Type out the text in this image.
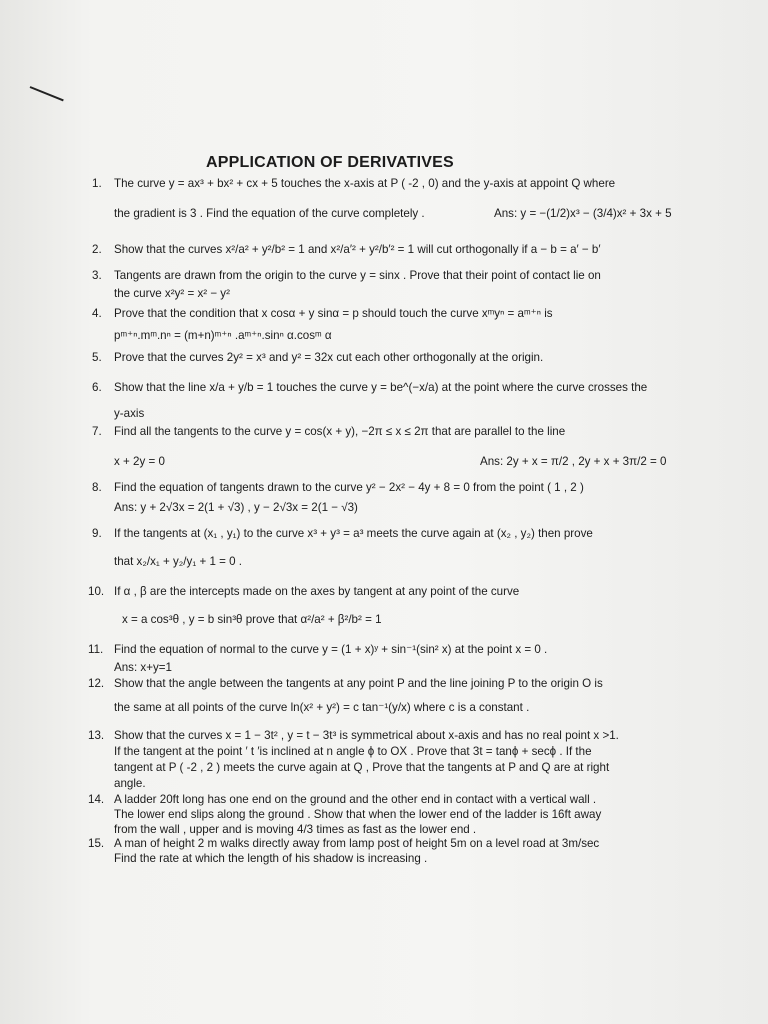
APPLICATION OF DERIVATIVES
1.	The curve y = ax³ + bx² + cx + 5 touches the x-axis at P ( -2 , 0) and the y-axis at appoint Q where
the gradient is 3 . Find the equation of the curve completely .	Ans: y = −(1/2)x³ − (3/4)x² + 3x + 5
2.	Show that the curves x²/a² + y²/b² = 1 and x²/a′² + y²/b′² = 1 will cut orthogonally if a − b = a′ − b′
3.	Tangents are drawn from the origin to the curve y = sinx . Prove that their point of contact lie on
the curve x²y² = x² − y²
4.	Prove that the condition that x cosα + y sinα = p should touch the curve xᵐyⁿ = aᵐ⁺ⁿ is
pᵐ⁺ⁿ.mᵐ.nⁿ = (m+n)ᵐ⁺ⁿ .aᵐ⁺ⁿ.sinⁿ α.cosᵐ α
5.	Prove that the curves 2y² = x³ and y² = 32x cut each other orthogonally at the origin.
6.	Show that the line x/a + y/b = 1 touches the curve y = be^(−x/a) at the point where the curve crosses the
y-axis
7.	Find all the tangents to the curve y = cos(x + y), −2π ≤ x ≤ 2π that are parallel to the line
x + 2y = 0	Ans: 2y + x = π/2 , 2y + x + 3π/2 = 0
8.	Find the equation of tangents drawn to the curve y² − 2x² − 4y + 8 = 0 from the point ( 1 , 2 )
Ans: y + 2√3x = 2(1 + √3) , y − 2√3x = 2(1 − √3)
9.	If the tangents at (x₁ , y₁) to the curve x³ + y³ = a³ meets the curve again at (x₂ , y₂) then prove
that x₂/x₁ + y₂/y₁ + 1 = 0 .
10. If α , β are the intercepts made on the axes by tangent at any point of the curve
x = a cos³θ , y = b sin³θ prove that α²/a² + β²/b² = 1
11. Find the equation of normal to the curve y = (1 + x)ʸ + sin⁻¹(sin² x) at the point x = 0 .
Ans: x+y=1
12. Show that the angle between the tangents at any point P and the line joining P to the origin O is
the same at all points of the curve ln(x² + y²) = c tan⁻¹(y/x) where c is a constant .
13. Show that the curves x = 1 − 3t² , y = t − 3t³ is symmetrical about x-axis and has no real point x >1.
If the tangent at the point ′ t ′is inclined at n angle ϕ to OX . Prove that 3t = tanϕ + secϕ . If the
tangent at P ( -2 , 2 ) meets the curve again at Q , Prove that the tangents at P and Q are at right
angle.
14. A ladder 20ft long has one end on the ground and the other end in contact with a vertical wall .
The lower end slips along the ground . Show that when the lower end of the ladder is 16ft away
from the wall , upper and is moving 4/3 times as fast as the lower end .
15. A man of height 2 m walks directly away from lamp post of height 5m on a level road at 3m/sec
Find the rate at which the length of his shadow is increasing .
